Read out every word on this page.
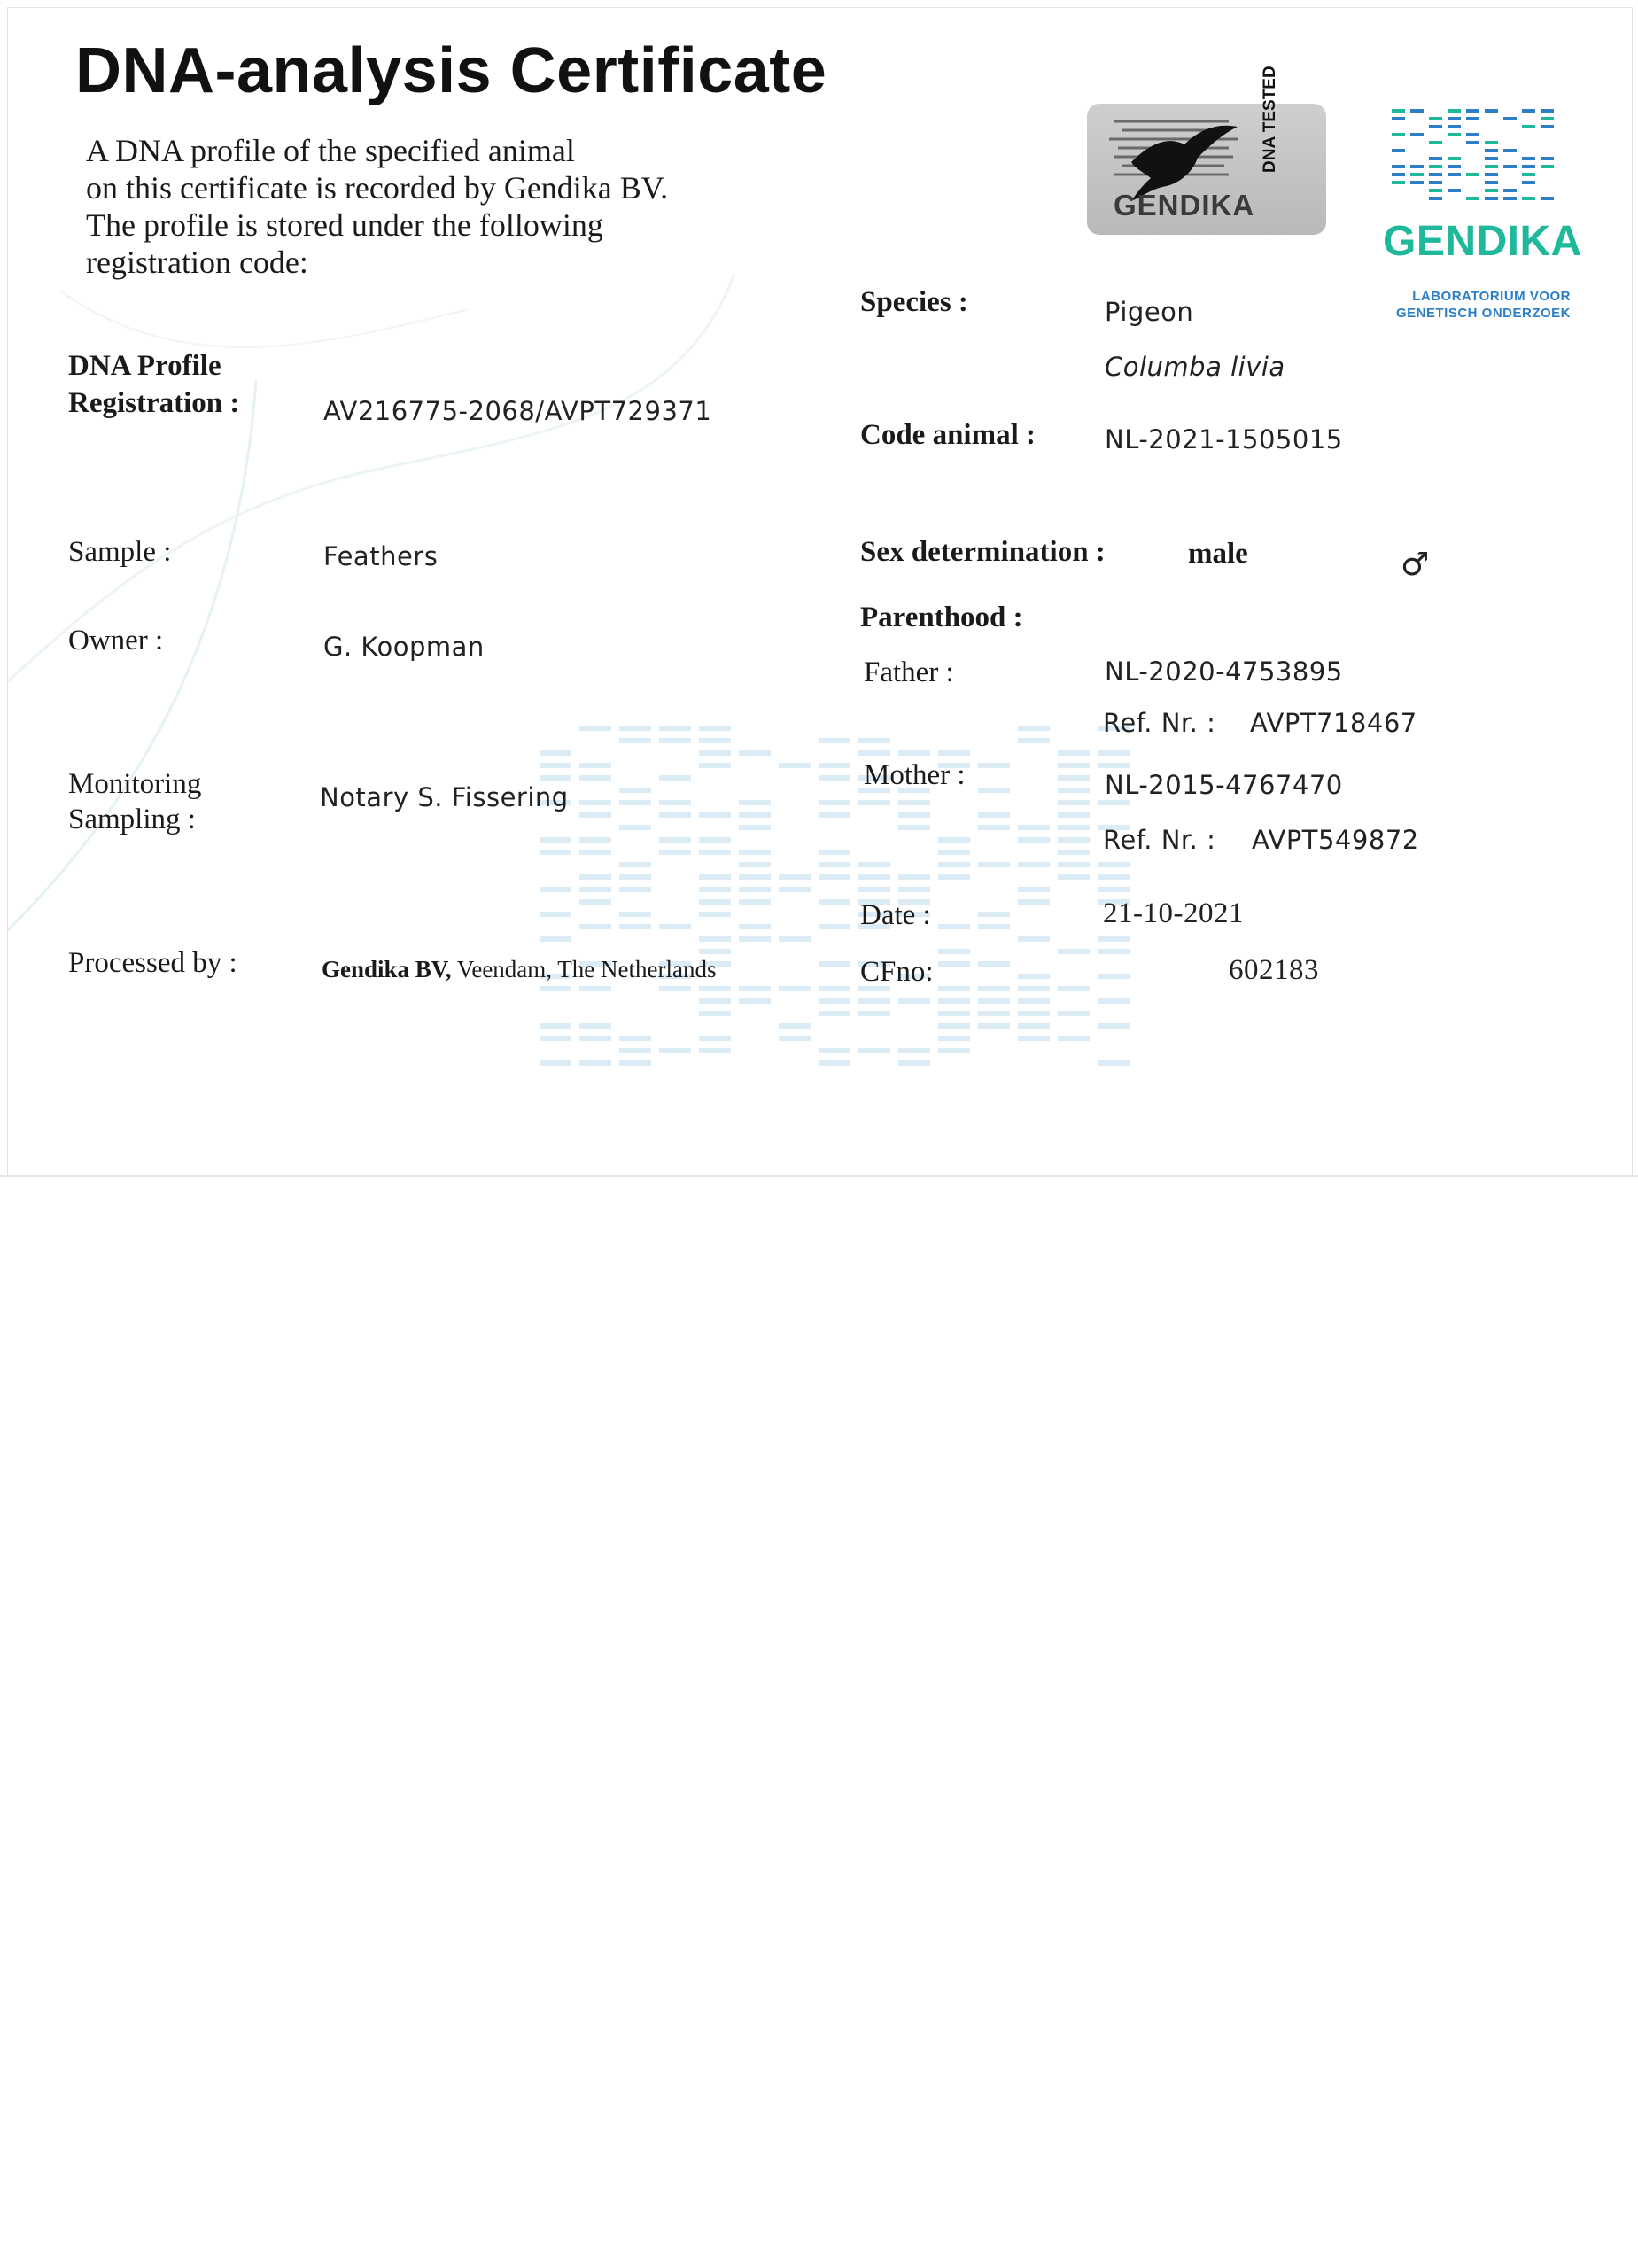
DNA-analysis Certificate
A DNA profile of the specified animal
on this certificate is recorded by Gendika BV.
The profile is stored under the following
registration code:
GENDIKA
DNA TESTED
GENDIKA
LABORATORIUM VOOR
GENETISCH ONDERZOEK
DNA Profile
Registration :	AV216775-2068/AVPT729371
Sample :	Feathers
Owner :	G. Koopman
Monitoring
Sampling :
Notary S. Fissering
Processed by :	Gendika BV, Veendam, The Netherlands
Species :	Pigeon
Columba livia
Code animal :	NL-2021-1505015
Sex determination :	male	♂
Parenthood :
Father :	NL-2020-4753895
Ref. Nr. : AVPT718467
Mother :	NL-2015-4767470
Ref. Nr. : AVPT549872
Date :	21-10-2021
CFno:	602183
